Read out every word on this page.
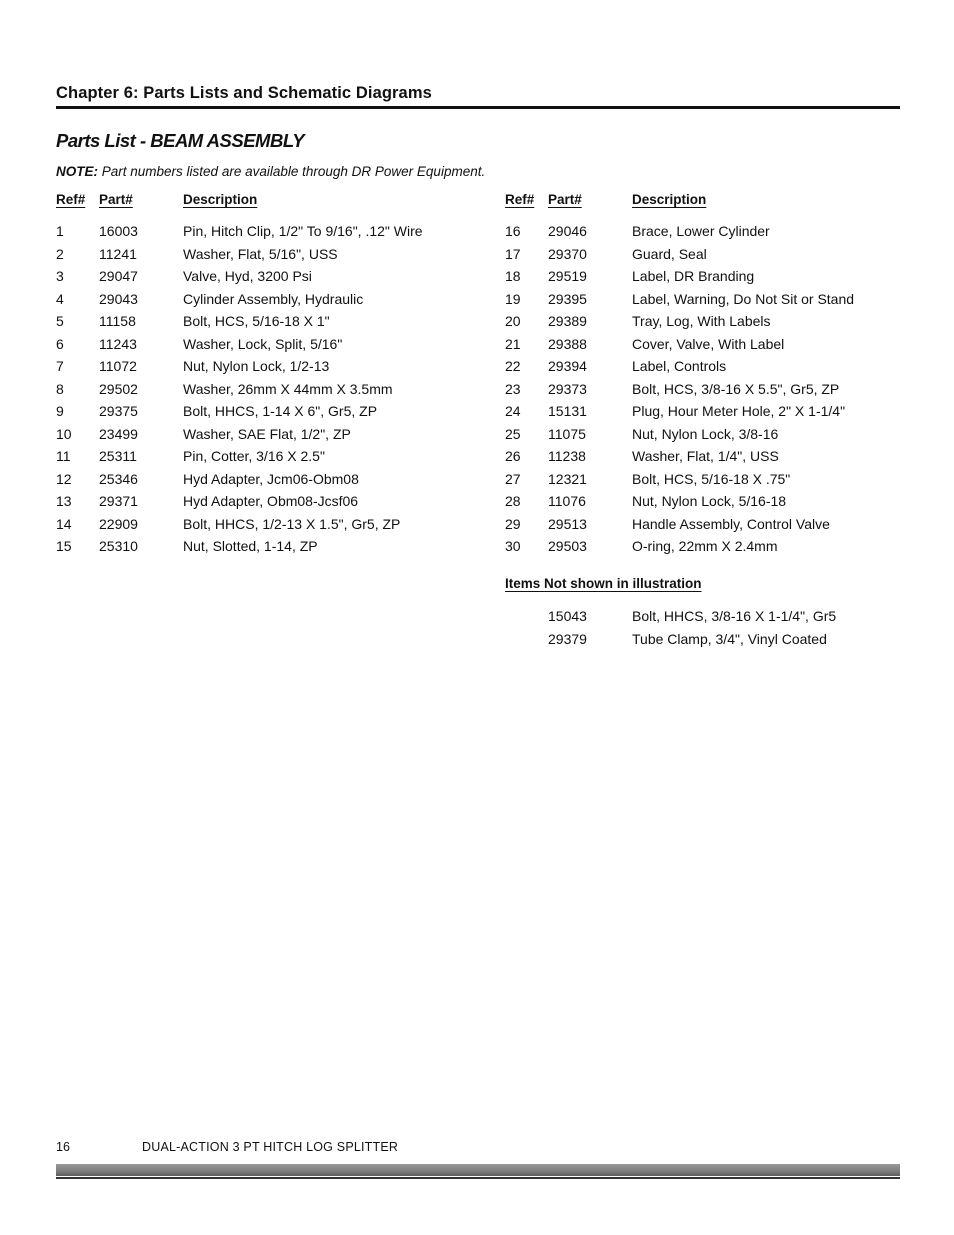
Chapter 6: Parts Lists and Schematic Diagrams
Parts List - BEAM ASSEMBLY
NOTE: Part numbers listed are available through DR Power Equipment.
Ref# Part#	Description
1	16003	Pin, Hitch Clip, 1/2" To 9/16", .12" Wire
2	11241	Washer, Flat, 5/16", USS
3	29047	Valve, Hyd, 3200 Psi
4	29043	Cylinder Assembly, Hydraulic
5	11158	Bolt, HCS, 5/16-18 X 1"
6	11243	Washer, Lock, Split, 5/16"
7	11072	Nut, Nylon Lock, 1/2-13
8	29502	Washer, 26mm X 44mm X 3.5mm
9	29375	Bolt, HHCS, 1-14 X 6", Gr5, ZP
10 23499	Washer, SAE Flat, 1/2", ZP
11 25311	Pin, Cotter, 3/16 X 2.5"
12 25346	Hyd Adapter, Jcm06-Obm08
13 29371	Hyd Adapter, Obm08-Jcsf06
14 22909	Bolt, HHCS, 1/2-13 X 1.5", Gr5, ZP
15 25310	Nut, Slotted, 1-14, ZP
Ref# Part#	Description
16 29046	Brace, Lower Cylinder
17 29370	Guard, Seal
18 29519	Label, DR Branding
19 29395	Label, Warning, Do Not Sit or Stand
20 29389	Tray, Log, With Labels
21 29388	Cover, Valve, With Label
22 29394	Label, Controls
23 29373	Bolt, HCS, 3/8-16 X 5.5", Gr5, ZP
24 15131	Plug, Hour Meter Hole, 2" X 1-1/4"
25 11075	Nut, Nylon Lock, 3/8-16
26 11238	Washer, Flat, 1/4", USS
27 12321	Bolt, HCS, 5/16-18 X .75"
28 11076	Nut, Nylon Lock, 5/16-18
29 29513	Handle Assembly, Control Valve
30 29503	O-ring, 22mm X 2.4mm
Items Not shown in illustration
15043	Bolt, HHCS, 3/8-16 X 1-1/4", Gr5
29379	Tube Clamp, 3/4", Vinyl Coated
16	DUAL-ACTION 3 PT HITCH LOG SPLITTER
